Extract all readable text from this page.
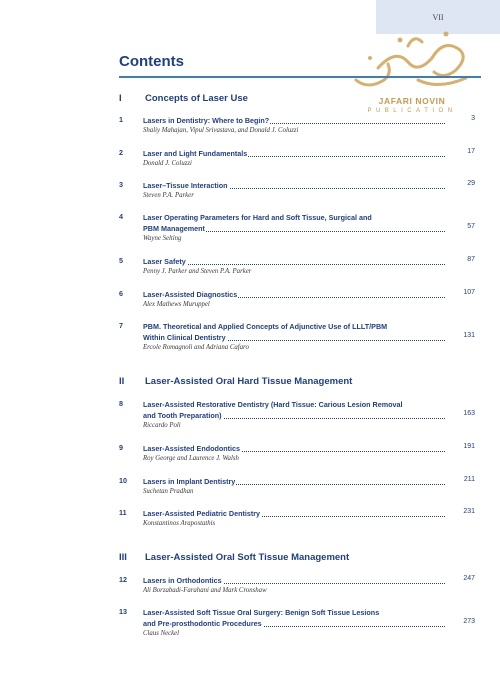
VII
JAFARI NOVIN
PUBLICATION
Contents
I Concepts of Laser Use
1	Lasers in Dentistry: Where to Begin?	3
Shaliy Mahajan, Vipul Srivastava, and Donald J. Coluzzi
2	Laser and Light Fundamentals	17
Donald J. Coluzzi
3	Laser–Tissue Interaction	29
Steven P.A. Parker
4	Laser Operating Parameters for Hard and Soft Tissue, Surgical and
PBM Management	57
Wayne Selting
5	Laser Safety	87
Penny J. Parker and Steven P.A. Parker
6	Laser-Assisted Diagnostics	107
Alex Mathews Muruppel
7	PBM. Theoretical and Applied Concepts of Adjunctive Use of LLLT/PBM
Within Clinical Dentistry	131
Ercole Romagnoli and Adriana Cafaro
II Laser-Assisted Oral Hard Tissue Management
8	Laser-Assisted Restorative Dentistry (Hard Tissue: Carious Lesion Removal
and Tooth Preparation)	163
Riccardo Poli
9	Laser-Assisted Endodontics	191
Roy George and Laurence J. Walsh
10 Lasers in Implant Dentistry	211
Suchetan Pradhan
11 Laser-Assisted Pediatric Dentistry	231
Konstantinos Arapostathis
III Laser-Assisted Oral Soft Tissue Management
12 Lasers in Orthodontics	247
Ali Borzabadi-Farahani and Mark Cronshaw
13 Laser-Assisted Soft Tissue Oral Surgery: Benign Soft Tissue Lesions
and Pre-prosthodontic Procedures	273
Claus Neckel
